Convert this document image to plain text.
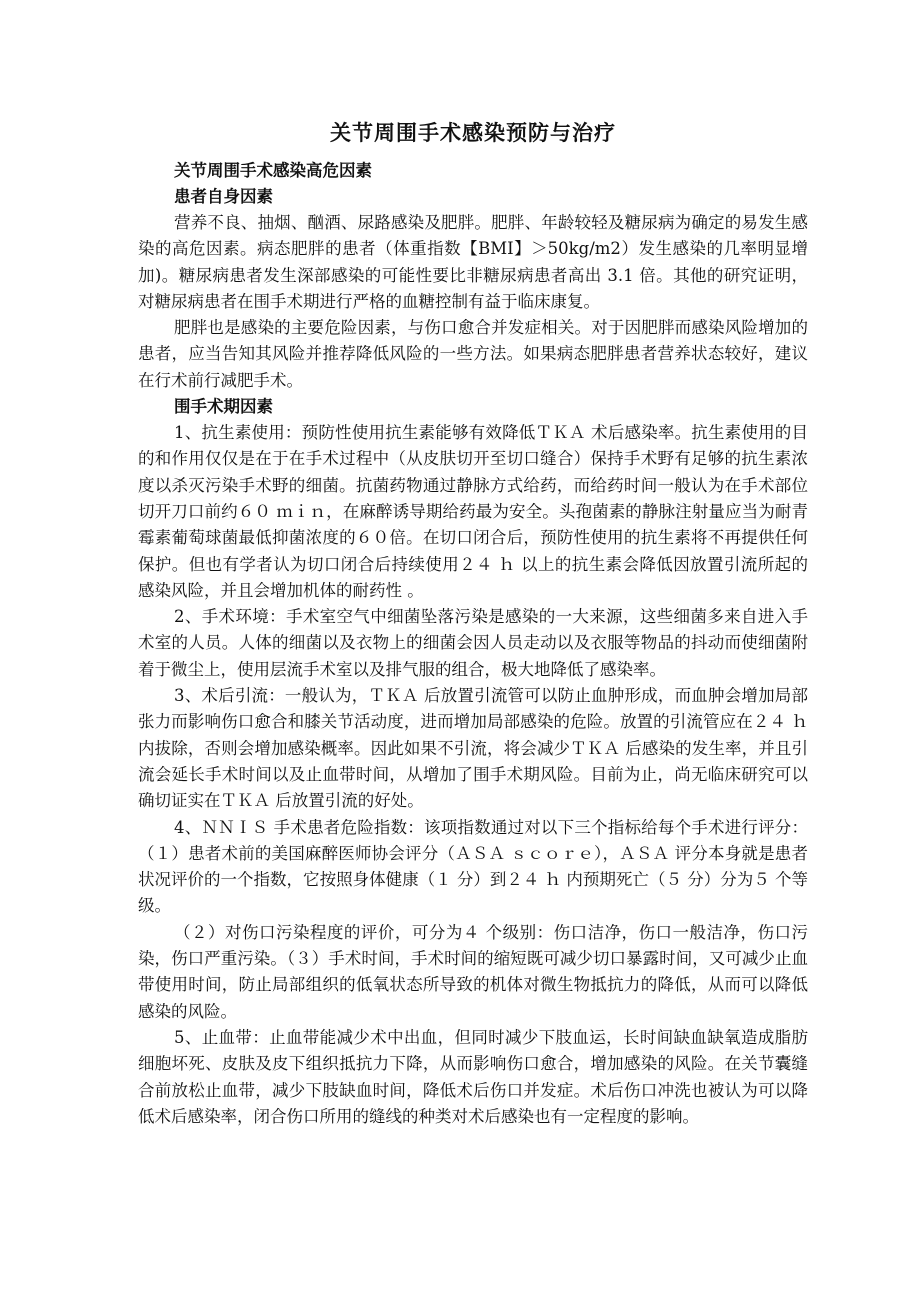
关节周围手术感染预防与治疗

关节周围手术感染高危因素

患者自身因素

营养不良、抽烟、酗酒、尿路感染及肥胖。肥胖、年龄较轻及糖尿病为确定的易发生感染的高危因素。病态肥胖的患者（体重指数【BMI】＞50kg/m2）发生感染的几率明显增加)。糖尿病患者发生深部感染的可能性要比非糖尿病患者高出 3.1 倍。其他的研究证明，对糖尿病患者在围手术期进行严格的血糖控制有益于临床康复。

肥胖也是感染的主要危险因素，与伤口愈合并发症相关。对于因肥胖而感染风险增加的患者，应当告知其风险并推荐降低风险的一些方法。如果病态肥胖患者营养状态较好，建议在行术前行减肥手术。

围手术期因素

1、抗生素使用：预防性使用抗生素能够有效降低ＴＫＡ 术后感染率。抗生素使用的目的和作用仅仅是在于在手术过程中（从皮肤切开至切口缝合）保持手术野有足够的抗生素浓度以杀灭污染手术野的细菌。抗菌药物通过静脉方式给药，而给药时间一般认为在手术部位切开刀口前约６０ ｍｉｎ，在麻醉诱导期给药最为安全。头孢菌素的静脉注射量应当为耐青霉素葡萄球菌最低抑菌浓度的６０倍。在切口闭合后，预防性使用的抗生素将不再提供任何保护。但也有学者认为切口闭合后持续使用２４ ｈ 以上的抗生素会降低因放置引流所起的感染风险，并且会增加机体的耐药性 。

2、手术环境：手术室空气中细菌坠落污染是感染的一大来源，这些细菌多来自进入手术室的人员。人体的细菌以及衣物上的细菌会因人员走动以及衣服等物品的抖动而使细菌附着于微尘上，使用层流手术室以及排气服的组合，极大地降低了感染率。

3、术后引流：一般认为，ＴＫＡ 后放置引流管可以防止血肿形成，而血肿会增加局部张力而影响伤口愈合和膝关节活动度，进而增加局部感染的危险。放置的引流管应在２４ ｈ 内拔除，否则会增加感染概率。因此如果不引流，将会减少ＴＫＡ 后感染的发生率，并且引流会延长手术时间以及止血带时间，从增加了围手术期风险。目前为止，尚无临床研究可以确切证实在ＴＫＡ 后放置引流的好处。

4、ＮＮＩＳ 手术患者危险指数：该项指数通过对以下三个指标给每个手术进行评分：（１）患者术前的美国麻醉医师协会评分（ＡＳＡ ｓｃｏｒｅ），ＡＳＡ 评分本身就是患者状况评价的一个指数，它按照身体健康（１ 分）到２４ ｈ 内预期死亡（５ 分）分为５ 个等级。

（２）对伤口污染程度的评价，可分为４ 个级别：伤口洁净，伤口一般洁净，伤口污染，伤口严重污染。（３）手术时间，手术时间的缩短既可减少切口暴露时间，又可减少止血带使用时间，防止局部组织的低氧状态所导致的机体对微生物抵抗力的降低，从而可以降低感染的风险。

5、止血带：止血带能减少术中出血，但同时减少下肢血运，长时间缺血缺氧造成脂肪细胞坏死、皮肤及皮下组织抵抗力下降，从而影响伤口愈合，增加感染的风险。在关节囊缝合前放松止血带，减少下肢缺血时间，降低术后伤口并发症。术后伤口冲洗也被认为可以降低术后感染率，闭合伤口所用的缝线的种类对术后感染也有一定程度的影响。
